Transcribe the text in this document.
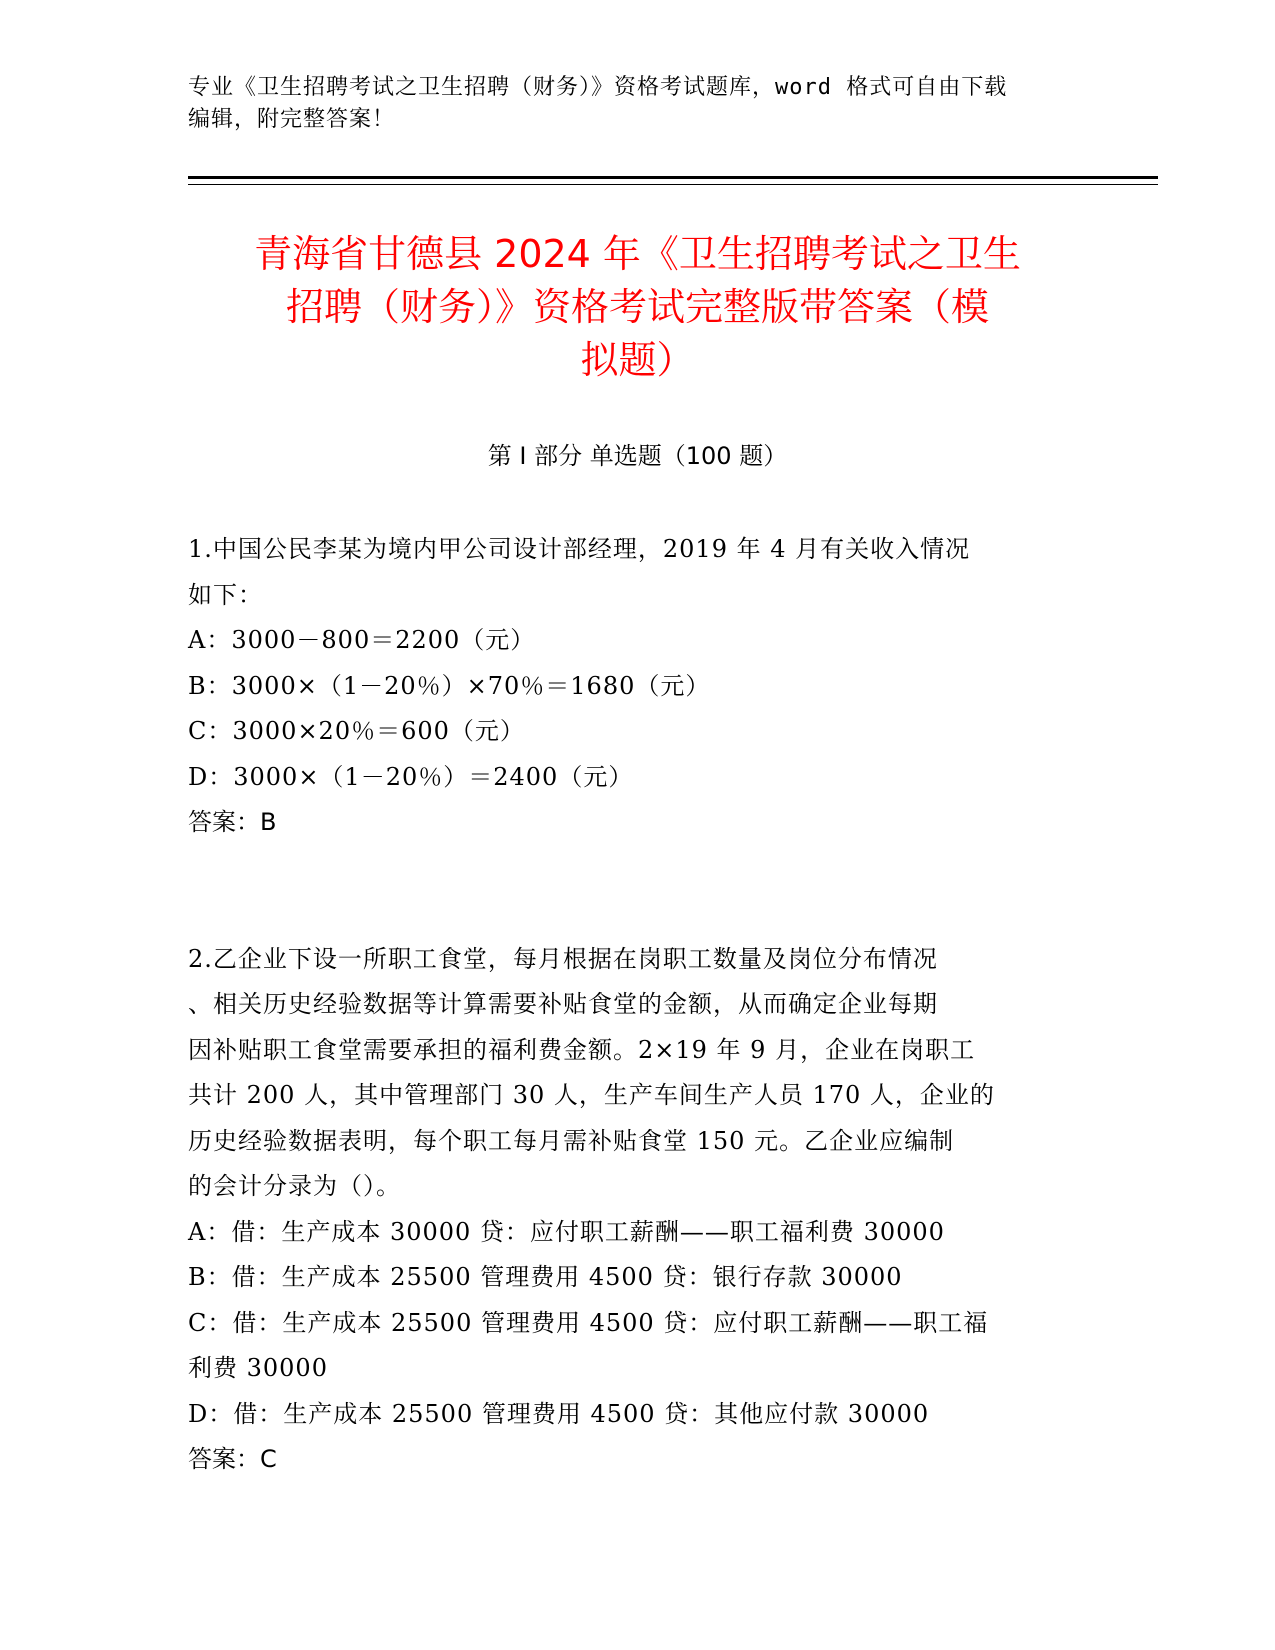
专业《卫生招聘考试之卫生招聘（财务）》资格考试题库，word 格式可自由下载
编辑，附完整答案！
青海省甘德县 2024 年《卫生招聘考试之卫生
招聘（财务）》资格考试完整版带答案（模
拟题）
第 I 部分 单选题（100 题）
1.中国公民李某为境内甲公司设计部经理，2019 年 4 月有关收入情况
如下：
A：3000－800＝2200（元）
B：3000×（1－20％）×70％＝1680（元）
C：3000×20％＝600（元）
D：3000×（1－20％）＝2400（元）
答案：B
2.乙企业下设一所职工食堂，每月根据在岗职工数量及岗位分布情况
、相关历史经验数据等计算需要补贴食堂的金额，从而确定企业每期
因补贴职工食堂需要承担的福利费金额。2×19 年 9 月，企业在岗职工
共计 200 人，其中管理部门 30 人，生产车间生产人员 170 人，企业的
历史经验数据表明，每个职工每月需补贴食堂 150 元。乙企业应编制
的会计分录为（）。
A：借：生产成本 30000 贷：应付职工薪酬——职工福利费 30000
B：借：生产成本 25500 管理费用 4500 贷：银行存款 30000
C：借：生产成本 25500 管理费用 4500 贷：应付职工薪酬——职工福
利费 30000
D：借：生产成本 25500 管理费用 4500 贷：其他应付款 30000
答案：C
